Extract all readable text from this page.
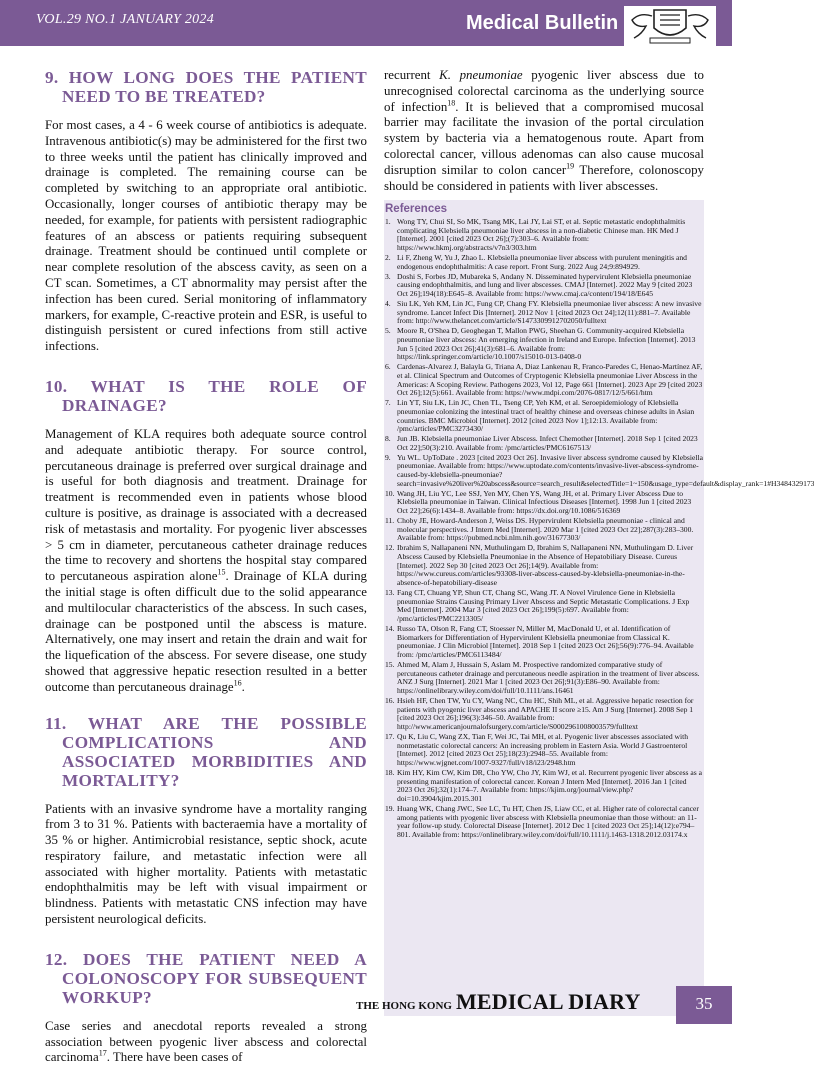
VOL.29 NO.1 JANUARY 2024	Medical Bulletin
9. HOW LONG DOES THE PATIENT NEED TO BE TREATED?

For most cases, a 4 - 6 week course of antibiotics is adequate. Intravenous antibiotic(s) may be administered for the first two to three weeks until the patient has clinically improved and drainage is completed. The remaining course can be completed by switching to an appropriate oral antibiotic. Occasionally, longer courses of antibiotic therapy may be needed, for example, for patients with persistent radiographic features of an abscess or patients requiring subsequent drainage. Treatment should be continued until complete or near complete resolution of the abscess cavity, as seen on a CT scan. Sometimes, a CT abnormality may persist after the infection has been cured. Serial monitoring of inflammatory markers, for example, C-reactive protein and ESR, is useful to distinguish persistent or cured infections from still active infections.

10. WHAT IS THE ROLE OF DRAINAGE?

Management of KLA requires both adequate source control and adequate antibiotic therapy. For source control, percutaneous drainage is preferred over surgical drainage and is useful for both diagnosis and treatment. Drainage for treatment is recommended even in patients whose blood culture is positive, as drainage is associated with a decreased risk of metastasis and mortality. For pyogenic liver abscesses > 5 cm in diameter, percutaneous catheter drainage reduces the time to recovery and shortens the hospital stay compared to percutaneous aspiration alone$^{15}$. Drainage of KLA during the initial stage is often difficult due to the solid appearance and multilocular characteristics of the abscess. In such cases, drainage can be postponed until the abscess is mature. Alternatively, one may insert and retain the drain and wait for the liquefication of the abscess. For severe disease, one study showed that aggressive hepatic resection resulted in a better outcome than percutaneous drainage$^{16}$.

11. WHAT ARE THE POSSIBLE COMPLICATIONS AND ASSOCIATED MORBIDITIES AND MORTALITY?

Patients with an invasive syndrome have a mortality ranging from 3 to 31 %. Patients with bacteraemia have a mortality of 35 % or higher. Antimicrobial resistance, septic shock, acute respiratory failure, and metastatic infection were all associated with higher mortality. Patients with metastatic endophthalmitis may be left with visual impairment or blindness. Patients with metastatic CNS infection may have persistent neurological deficits.

12. DOES THE PATIENT NEED A COLONOSCOPY FOR SUBSEQUENT WORKUP?

Case series and anecdotal reports revealed a strong association between pyogenic liver abscess and colorectal carcinoma$^{17}$. There have been cases of

recurrent K. pneumoniae pyogenic liver abscess due to unrecognised colorectal carcinoma as the underlying source of infection$^{18}$. It is believed that a compromised mucosal barrier may facilitate the invasion of the portal circulation system by bacteria via a hematogenous route. Apart from colorectal cancer, villous adenomas can also cause mucosal disruption similar to colon cancer$^{19}$ Therefore, colonoscopy should be considered in patients with liver abscesses.

References
1. Wong TY, Chui SI, So MK, Tsang MK, Lai JY, Lai ST, et al. Septic metastatic endophthalmitis complicating Klebsiella pneumoniae liver abscess in a non-diabetic Chinese man. HK Med J [Internet]. 2001 [cited 2023 Oct 26];(7):303–6. Available from: https://www.hkmj.org/abstracts/v7n3/303.htm
2. Li F, Zheng W, Yu J, Zhao L. Klebsiella pneumoniae liver abscess with purulent meningitis and endogenous endophthalmitis: A case report. Front Surg. 2022 Aug 24;9:894929.
3. Doshi S, Forbes JD, Mubareka S, Andany N. Disseminated hypervirulent Klebsiella pneumoniae causing endophthalmitis, and lung and liver abscesses. CMAJ [Internet]. 2022 May 9 [cited 2023 Oct 26];194(18):E645–8. Available from: https://www.cmaj.ca/content/194/18/E645
4. Siu LK, Yeh KM, Lin JC, Fung CP, Chang FY. Klebsiella pneumoniae liver abscess: A new invasive syndrome. Lancet Infect Dis [Internet]. 2012 Nov 1 [cited 2023 Oct 24];12(11):881–7. Available from: http://www.thelancet.com/article/S1473309912702050/fulltext
5. Moore R, O'Shea D, Geoghegan T, Mallon PWG, Sheehan G. Community-acquired Klebsiella pneumoniae liver abscess: An emerging infection in Ireland and Europe. Infection [Internet]. 2013 Jun 5 [cited 2023 Oct 26];41(3):681–6. Available from: https://link.springer.com/article/10.1007/s15010-013-0408-0
6. Cardenas-Alvarez J, Balayla G, Triana A, Diaz Lankenau R, Franco-Paredes C, Henao-Martínez AF, et al. Clinical Spectrum and Outcomes of Cryptogenic Klebsiella pneumoniae Liver Abscess in the Americas: A Scoping Review. Pathogens 2023, Vol 12, Page 661 [Internet]. 2023 Apr 29 [cited 2023 Oct 26];12(5):661. Available from: https://www.mdpi.com/2076-0817/12/5/661/htm
7. Lin YT, Siu LK, Lin JC, Chen TL, Tseng CP, Yeh KM, et al. Seroepidemiology of Klebsiella pneumoniae colonizing the intestinal tract of healthy chinese and overseas chinese adults in Asian countries. BMC Microbiol [Internet]. 2012 [cited 2023 Nov 1];12:13. Available from: /pmc/articles/PMC3273430/
8. Jun JB. Klebsiella pneumoniae Liver Abscess. Infect Chemother [Internet]. 2018 Sep 1 [cited 2023 Oct 22];50(3):210. Available from: /pmc/articles/PMC6167513/
9. Yu WL. UpToDate . 2023 [cited 2023 Oct 26]. Invasive liver abscess syndrome caused by Klebsiella pneumoniae. Available from: https://www.uptodate.com/contents/invasive-liver-abscess-syndrome-caused-by-klebsiella-pneumoniae?search=invasive%20liver%20abscess&source=search_result&selectedTitle=1~150&usage_type=default&display_rank=1#H3484329173
10. Wang JH, Liu YC, Lee SSJ, Yen MY, Chen YS, Wang JH, et al. Primary Liver Abscess Due to Klebsiella pneumoniae in Taiwan. Clinical Infectious Diseases [Internet]. 1998 Jun 1 [cited 2023 Oct 22];26(6):1434–8. Available from: https://dx.doi.org/10.1086/516369
11. Choby JE, Howard-Anderson J, Weiss DS. Hypervirulent Klebsiella pneumoniae - clinical and molecular perspectives. J Intern Med [Internet]. 2020 Mar 1 [cited 2023 Oct 22];287(3):283–300. Available from: https://pubmed.ncbi.nlm.nih.gov/31677303/
12. Ibrahim S, Nallapaneni NN, Muthulingam D, Ibrahim S, Nallapaneni NN, Muthulingam D. Liver Abscess Caused by Klebsiella Pneumoniae in the Absence of Hepatobiliary Disease. Cureus [Internet]. 2022 Sep 30 [cited 2023 Oct 26];14(9). Available from: https://www.cureus.com/articles/93308-liver-abscess-caused-by-klebsiella-pneumoniae-in-the-absence-of-hepatobiliary-disease
13. Fang CT, Chuang YP, Shun CT, Chang SC, Wang JT. A Novel Virulence Gene in Klebsiella pneumoniae Strains Causing Primary Liver Abscess and Septic Metastatic Complications. J Exp Med [Internet]. 2004 Mar 3 [cited 2023 Oct 26];199(5):697. Available from: /pmc/articles/PMC2213305/
14. Russo TA, Olson R, Fang CT, Stoesser N, Miller M, MacDonald U, et al. Identification of Biomarkers for Differentiation of Hypervirulent Klebsiella pneumoniae from Classical K. pneumoniae. J Clin Microbiol [Internet]. 2018 Sep 1 [cited 2023 Oct 26];56(9):776–94. Available from: /pmc/articles/PMC6113484/
15. Ahmed M, Alam J, Hussain S, Aslam M. Prospective randomized comparative study of percutaneous catheter drainage and percutaneous needle aspiration in the treatment of liver abscess. ANZ J Surg [Internet]. 2021 Mar 1 [cited 2023 Oct 26];91(3):E86–90. Available from: https://onlinelibrary.wiley.com/doi/full/10.1111/ans.16461
16. Hsieh HF, Chen TW, Yu CY, Wang NC, Chu HC, Shih ML, et al. Aggressive hepatic resection for patients with pyogenic liver abscess and APACHE II score ≥15. Am J Surg [Internet]. 2008 Sep 1 [cited 2023 Oct 26];196(3):346–50. Available from: http://www.americanjournalofsurgery.com/article/S0002961008003579/fulltext
17. Qu K, Liu C, Wang ZX, Tian F, Wei JC, Tai MH, et al. Pyogenic liver abscesses associated with nonmetastatic colorectal cancers: An increasing problem in Eastern Asia. World J Gastroenterol [Internet]. 2012 [cited 2023 Oct 25];18(23):2948–55. Available from: https://www.wjgnet.com/1007-9327/full/v18/i23/2948.htm
18. Kim HY, Kim CW, Kim DR, Cho YW, Cho JY, Kim WJ, et al. Recurrent pyogenic liver abscess as a presenting manifestation of colorectal cancer. Korean J Intern Med [Internet]. 2016 Jan 1 [cited 2023 Oct 26];32(1):174–7. Available from: https://kjim.org/journal/view.php?doi=10.3904/kjim.2015.301
19. Huang WK, Chang JWC, See LC, Tu HT, Chen JS, Liaw CC, et al. Higher rate of colorectal cancer among patients with pyogenic liver abscess with Klebsiella pneumoniae than those without: an 11-year follow-up study. Colorectal Disease [Internet]. 2012 Dec 1 [cited 2023 Oct 25];14(12):e794–801. Available from: https://onlinelibrary.wiley.com/doi/full/10.1111/j.1463-1318.2012.03174.x
THE HONG KONG MEDICAL DIARY	35
